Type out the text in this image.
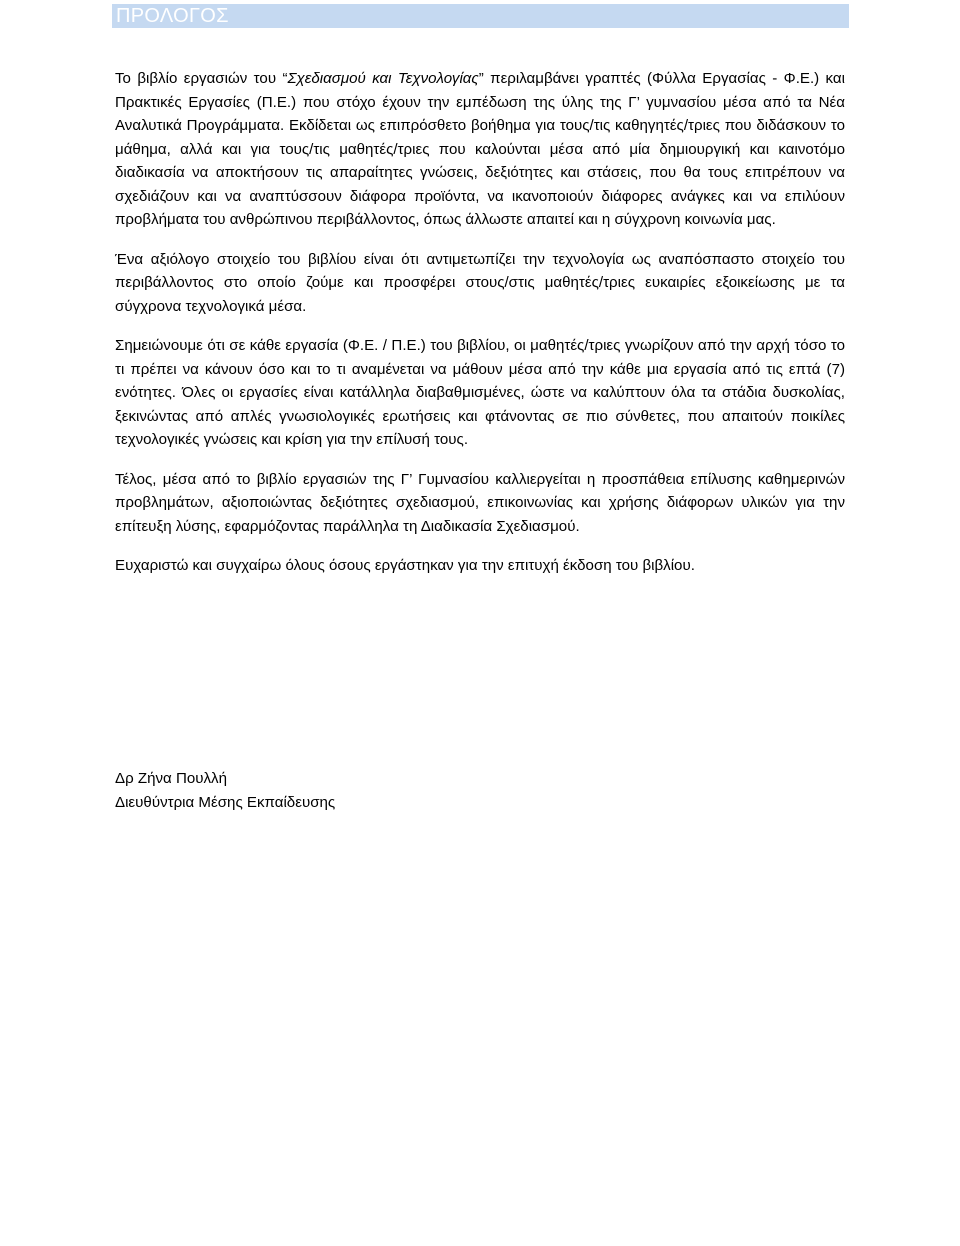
ΠΡΟΛΟΓΟΣ

Το βιβλίο εργασιών του “Σχεδιασμού και Τεχνολογίας” περιλαμβάνει γραπτές (Φύλλα Εργασίας - Φ.Ε.) και Πρακτικές Εργασίες (Π.Ε.) που στόχο έχουν την εμπέδωση της ύλης της Γ’ γυμνασίου μέσα από τα Νέα Αναλυτικά Προγράμματα. Εκδίδεται ως επιπρόσθετο βοήθημα για τους/τις καθηγητές/τριες που διδάσκουν το μάθημα, αλλά και για τους/τις μαθητές/τριες που καλούνται μέσα από μία δημιουργική και καινοτόμο διαδικασία να αποκτήσουν τις απαραίτητες γνώσεις, δεξιότητες και στάσεις, που θα τους επιτρέπουν να σχεδιάζουν και να αναπτύσσουν διάφορα προϊόντα, να ικανοποιούν διάφορες ανάγκες και να επιλύουν προβλήματα του ανθρώπινου περιβάλλοντος, όπως άλλωστε απαιτεί και η σύγχρονη κοινωνία μας.

Ένα αξιόλογο στοιχείο του βιβλίου είναι ότι αντιμετωπίζει την τεχνολογία ως αναπόσπαστο στοιχείο του περιβάλλοντος στο οποίο ζούμε και προσφέρει στους/στις μαθητές/τριες ευκαιρίες εξοικείωσης με τα σύγχρονα τεχνολογικά μέσα.

Σημειώνουμε ότι σε κάθε εργασία (Φ.Ε. / Π.Ε.) του βιβλίου, οι μαθητές/τριες γνωρίζουν από την αρχή τόσο το τι πρέπει να κάνουν όσο και το τι αναμένεται να μάθουν μέσα από την κάθε μια εργασία από τις επτά (7) ενότητες. Όλες οι εργασίες είναι κατάλληλα διαβαθμισμένες, ώστε να καλύπτουν όλα τα στάδια δυσκολίας, ξεκινώντας από απλές γνωσιολογικές ερωτήσεις και φτάνοντας σε πιο σύνθετες, που απαιτούν ποικίλες τεχνολογικές γνώσεις και κρίση για την επίλυσή τους.

Τέλος, μέσα από το βιβλίο εργασιών της Γ’ Γυμνασίου καλλιεργείται η προσπάθεια επίλυσης καθημερινών προβλημάτων, αξιοποιώντας δεξιότητες σχεδιασμού, επικοινωνίας και χρήσης διάφορων υλικών για την επίτευξη λύσης, εφαρμόζοντας παράλληλα τη Διαδικασία Σχεδιασμού.

Ευχαριστώ και συγχαίρω όλους όσους εργάστηκαν για την επιτυχή έκδοση του βιβλίου.

Δρ Ζήνα Πουλλή
Διευθύντρια Μέσης Εκπαίδευσης
